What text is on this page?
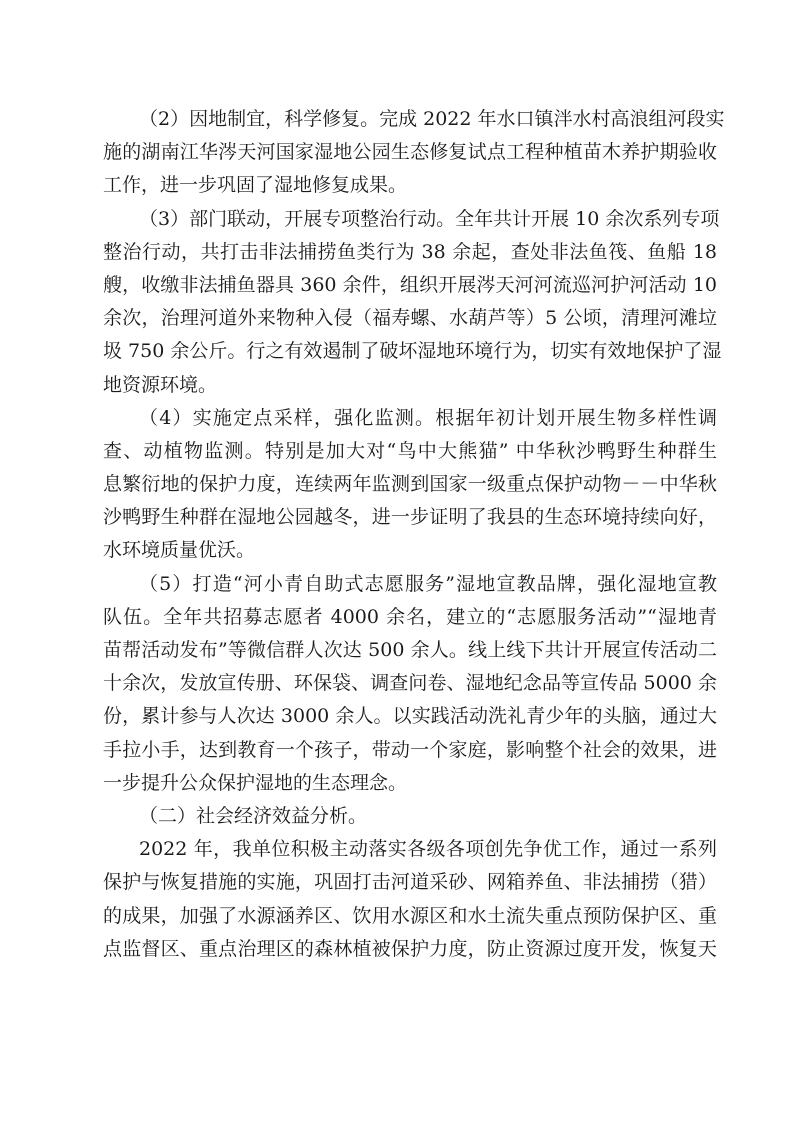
（2）因地制宜，科学修复。完成 2022 年水口镇泮水村高浪组河段实
施的湖南江华涔天河国家湿地公园生态修复试点工程种植苗木养护期验收
工作，进一步巩固了湿地修复成果。
（3）部门联动，开展专项整治行动。全年共计开展 10 余次系列专项
整治行动，共打击非法捕捞鱼类行为 38 余起，查处非法鱼筏、鱼船 18
艘，收缴非法捕鱼器具 360 余件，组织开展涔天河河流巡河护河活动 10
余次，治理河道外来物种入侵（福寿螺、水葫芦等）5 公顷，清理河滩垃
圾 750 余公斤。行之有效遏制了破坏湿地环境行为，切实有效地保护了湿
地资源环境。
（4）实施定点采样，强化监测。根据年初计划开展生物多样性调
查、动植物监测。特别是加大对“鸟中大熊猫” 中华秋沙鸭野生种群生
息繁衍地的保护力度，连续两年监测到国家一级重点保护动物－－中华秋
沙鸭野生种群在湿地公园越冬，进一步证明了我县的生态环境持续向好，
水环境质量优沃。
（5）打造“河小青自助式志愿服务”湿地宣教品牌，强化湿地宣教
队伍。全年共招募志愿者 4000 余名，建立的“志愿服务活动”“湿地青
苗帮活动发布”等微信群人次达 500 余人。线上线下共计开展宣传活动二
十余次，发放宣传册、环保袋、调查问卷、湿地纪念品等宣传品 5000 余
份，累计参与人次达 3000 余人。以实践活动洗礼青少年的头脑，通过大
手拉小手，达到教育一个孩子，带动一个家庭，影响整个社会的效果，进
一步提升公众保护湿地的生态理念。
（二）社会经济效益分析。
2022 年，我单位积极主动落实各级各项创先争优工作，通过一系列
保护与恢复措施的实施，巩固打击河道采砂、网箱养鱼、非法捕捞（猎）
的成果，加强了水源涵养区、饮用水源区和水土流失重点预防保护区、重
点监督区、重点治理区的森林植被保护力度，防止资源过度开发，恢复天
